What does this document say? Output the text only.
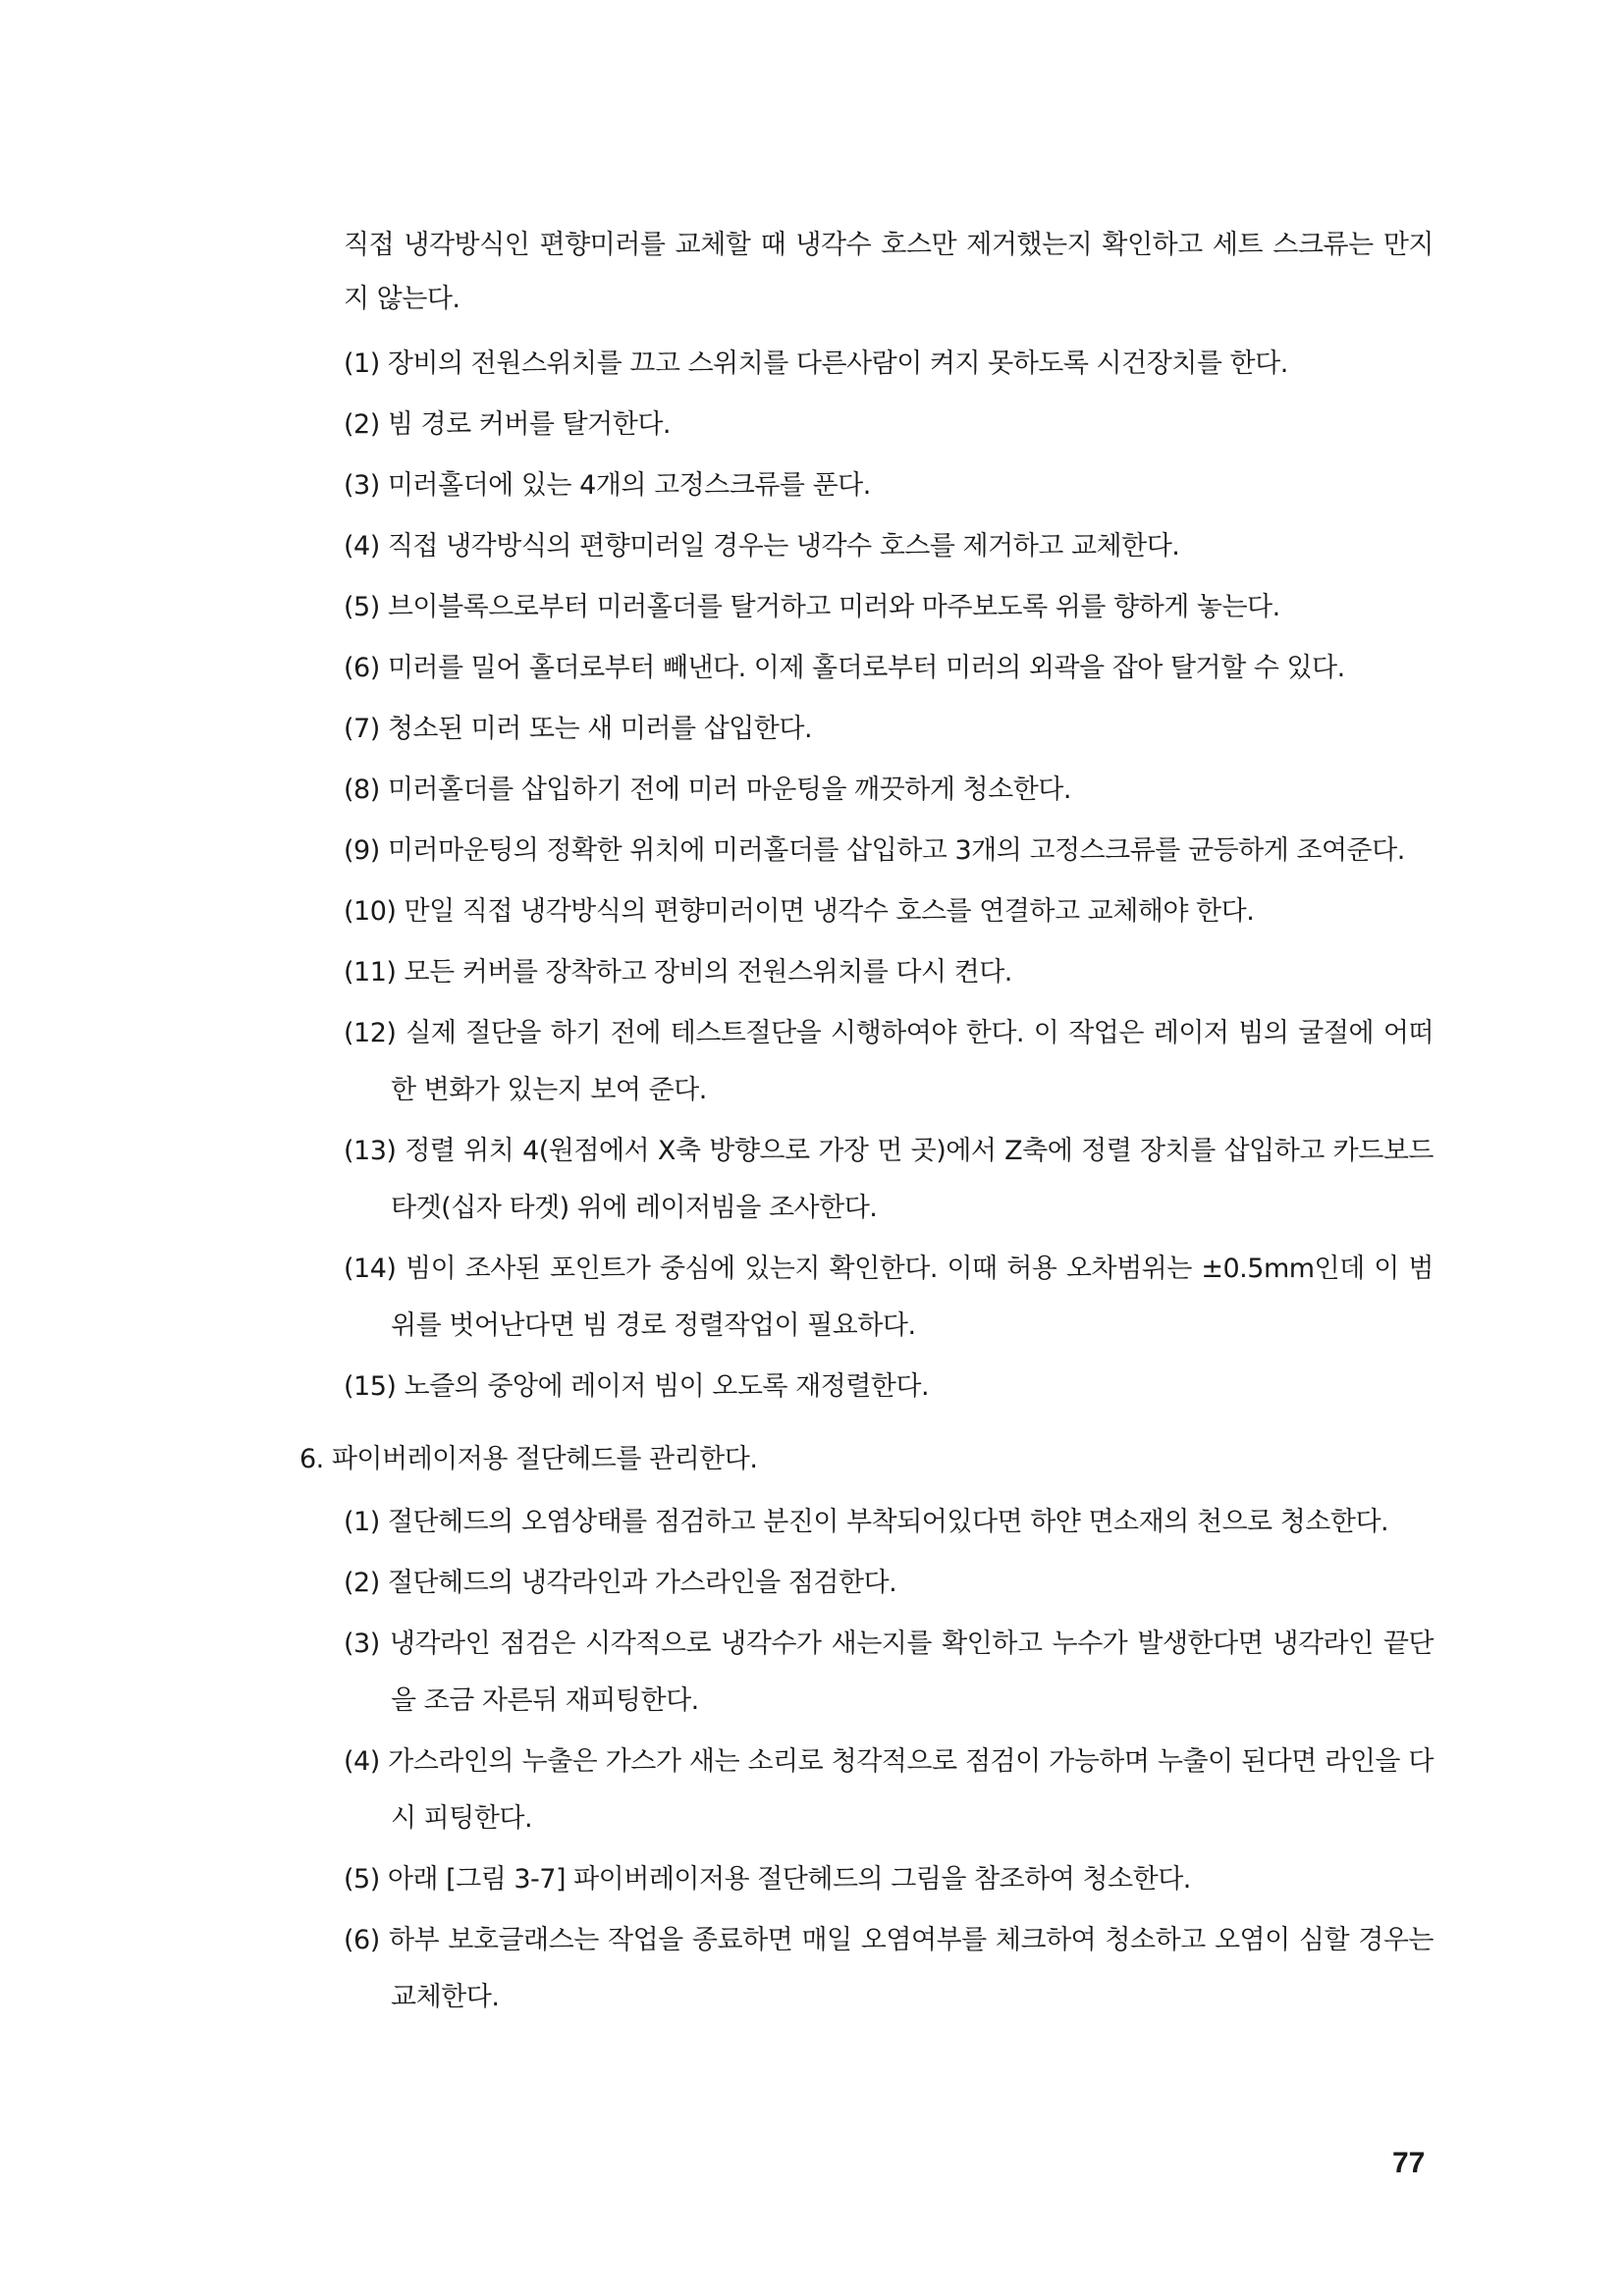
직접 냉각방식인 편향미러를 교체할 때 냉각수 호스만 제거했는지 확인하고 세트 스크류는 만지지 않는다.

(1) 장비의 전원스위치를 끄고 스위치를 다른사람이 켜지 못하도록 시건장치를 한다.
(2) 빔 경로 커버를 탈거한다.
(3) 미러홀더에 있는 4개의 고정스크류를 푼다.
(4) 직접 냉각방식의 편향미러일 경우는 냉각수 호스를 제거하고 교체한다.
(5) 브이블록으로부터 미러홀더를 탈거하고 미러와 마주보도록 위를 향하게 놓는다.
(6) 미러를 밀어 홀더로부터 빼낸다. 이제 홀더로부터 미러의 외곽을 잡아 탈거할 수 있다.
(7) 청소된 미러 또는 새 미러를 삽입한다.
(8) 미러홀더를 삽입하기 전에 미러 마운팅을 깨끗하게 청소한다.
(9) 미러마운팅의 정확한 위치에 미러홀더를 삽입하고 3개의 고정스크류를 균등하게 조여준다.
(10) 만일 직접 냉각방식의 편향미러이면 냉각수 호스를 연결하고 교체해야 한다.
(11) 모든 커버를 장착하고 장비의 전원스위치를 다시 켠다.
(12) 실제 절단을 하기 전에 테스트절단을 시행하여야 한다. 이 작업은 레이저 빔의 굴절에 어떠한 변화가 있는지 보여 준다.
(13) 정렬 위치 4(원점에서 X축 방향으로 가장 먼 곳)에서 Z축에 정렬 장치를 삽입하고 카드보드 타겟(십자 타겟) 위에 레이저빔을 조사한다.
(14) 빔이 조사된 포인트가 중심에 있는지 확인한다. 이때 허용 오차범위는 ±0.5mm인데 이 범위를 벗어난다면 빔 경로 정렬작업이 필요하다.
(15) 노즐의 중앙에 레이저 빔이 오도록 재정렬한다.
6. 파이버레이저용 절단헤드를 관리한다.
(1) 절단헤드의 오염상태를 점검하고 분진이 부착되어있다면 하얀 면소재의 천으로 청소한다.
(2) 절단헤드의 냉각라인과 가스라인을 점검한다.
(3) 냉각라인 점검은 시각적으로 냉각수가 새는지를 확인하고 누수가 발생한다면 냉각라인 끝단을 조금 자른뒤 재피팅한다.
(4) 가스라인의 누출은 가스가 새는 소리로 청각적으로 점검이 가능하며 누출이 된다면 라인을 다시 피팅한다.
(5) 아래 [그림 3-7] 파이버레이저용 절단헤드의 그림을 참조하여 청소한다.
(6) 하부 보호글래스는 작업을 종료하면 매일 오염여부를 체크하여 청소하고 오염이 심할 경우는 교체한다.
77
